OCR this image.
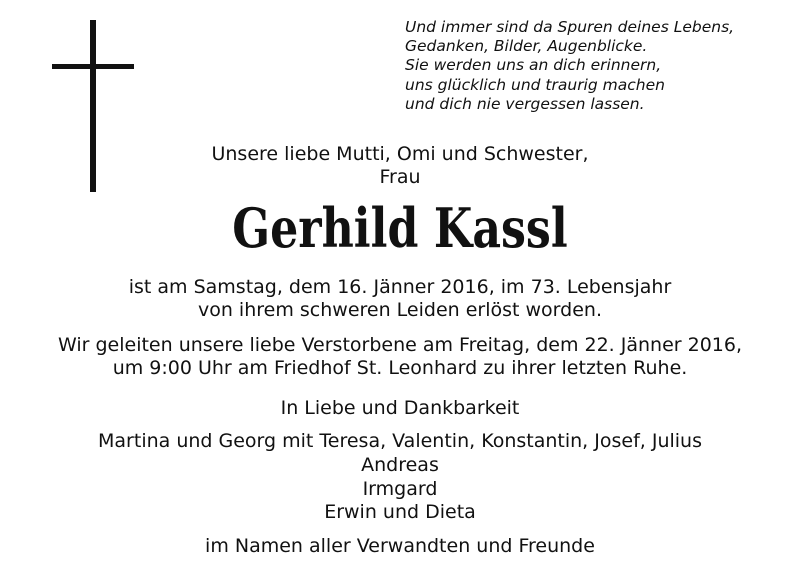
Und immer sind da Spuren deines Lebens,
Gedanken, Bilder, Augenblicke.
Sie werden uns an dich erinnern,
uns glücklich und traurig machen
und dich nie vergessen lassen.
Unsere liebe Mutti, Omi und Schwester,
Frau
Gerhild Kassl
ist am Samstag, dem 16. Jänner 2016, im 73. Lebensjahr
von ihrem schweren Leiden erlöst worden.
Wir geleiten unsere liebe Verstorbene am Freitag, dem 22. Jänner 2016,
um 9:00 Uhr am Friedhof St. Leonhard zu ihrer letzten Ruhe.
In Liebe und Dankbarkeit
Martina und Georg mit Teresa, Valentin, Konstantin, Josef, Julius
Andreas
Irmgard
Erwin und Dieta
im Namen aller Verwandten und Freunde
